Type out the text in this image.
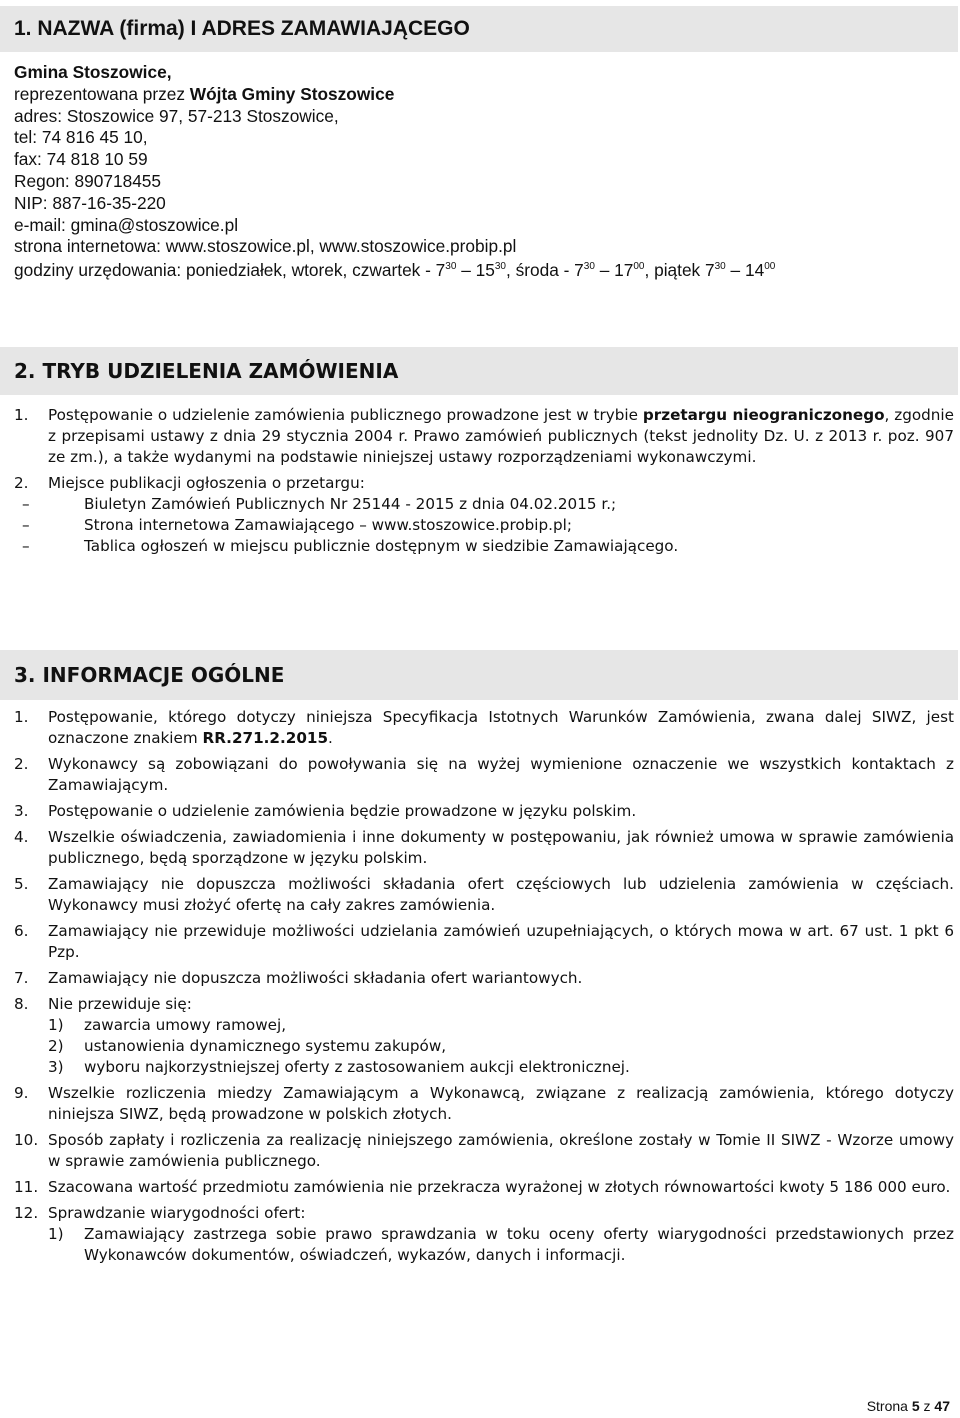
1. NAZWA (firma) I ADRES ZAMAWIAJĄCEGO
Gmina Stoszowice,
reprezentowana przez Wójta Gminy Stoszowice
adres: Stoszowice 97, 57-213 Stoszowice,
tel: 74 816 45 10,
fax: 74 818 10 59
Regon: 890718455
NIP: 887-16-35-220
e-mail: gmina@stoszowice.pl
strona internetowa: www.stoszowice.pl, www.stoszowice.probip.pl
godziny urzędowania: poniedziałek, wtorek, czwartek - $7^{30} - 15^{30}$, środa - $7^{30} - 17^{00}$, piątek $7^{30} - 14^{00}$
2. TRYB UDZIELENIA ZAMÓWIENIA
1. Postępowanie o udzielenie zamówienia publicznego prowadzone jest w trybie przetargu nieograniczonego, zgodnie z przepisami ustawy z dnia 29 stycznia 2004 r. Prawo zamówień publicznych (tekst jednolity Dz. U. z 2013 r. poz. 907 ze zm.), a także wydanymi na podstawie niniejszej ustawy rozporządzeniami wykonawczymi.
2. Miejsce publikacji ogłoszenia o przetargu:
–	Biuletyn Zamówień Publicznych Nr 25144 - 2015 z dnia 04.02.2015 r.;
–	Strona internetowa Zamawiającego – www.stoszowice.probip.pl;
–	Tablica ogłoszeń w miejscu publicznie dostępnym w siedzibie Zamawiającego.
3. INFORMACJE OGÓLNE
1. Postępowanie, którego dotyczy niniejsza Specyfikacja Istotnych Warunków Zamówienia, zwana dalej SIWZ, jest oznaczone znakiem RR.271.2.2015.
2. Wykonawcy są zobowiązani do powoływania się na wyżej wymienione oznaczenie we wszystkich kontaktach z Zamawiającym.
3. Postępowanie o udzielenie zamówienia będzie prowadzone w języku polskim.
4. Wszelkie oświadczenia, zawiadomienia i inne dokumenty w postępowaniu, jak również umowa w sprawie zamówienia publicznego, będą sporządzone w języku polskim.
5. Zamawiający nie dopuszcza możliwości składania ofert częściowych lub udzielenia zamówienia w częściach. Wykonawcy musi złożyć ofertę na cały zakres zamówienia.
6. Zamawiający nie przewiduje możliwości udzielania zamówień uzupełniających, o których mowa w art. 67 ust. 1 pkt 6 Pzp.
7. Zamawiający nie dopuszcza możliwości składania ofert wariantowych.
8. Nie przewiduje się:
1) zawarcia umowy ramowej,
2) ustanowienia dynamicznego systemu zakupów,
3) wyboru najkorzystniejszej oferty z zastosowaniem aukcji elektronicznej.
9. Wszelkie rozliczenia miedzy Zamawiającym a Wykonawcą, związane z realizacją zamówienia, którego dotyczy niniejsza SIWZ, będą prowadzone w polskich złotych.
10. Sposób zapłaty i rozliczenia za realizację niniejszego zamówienia, określone zostały w Tomie II SIWZ - Wzorze umowy w sprawie zamówienia publicznego.
11. Szacowana wartość przedmiotu zamówienia nie przekracza wyrażonej w złotych równowartości kwoty 5 186 000 euro.
12. Sprawdzanie wiarygodności ofert:
1) Zamawiający zastrzega sobie prawo sprawdzania w toku oceny oferty wiarygodności przedstawionych przez Wykonawców dokumentów, oświadczeń, wykazów, danych i informacji.
Strona 5 z 47
